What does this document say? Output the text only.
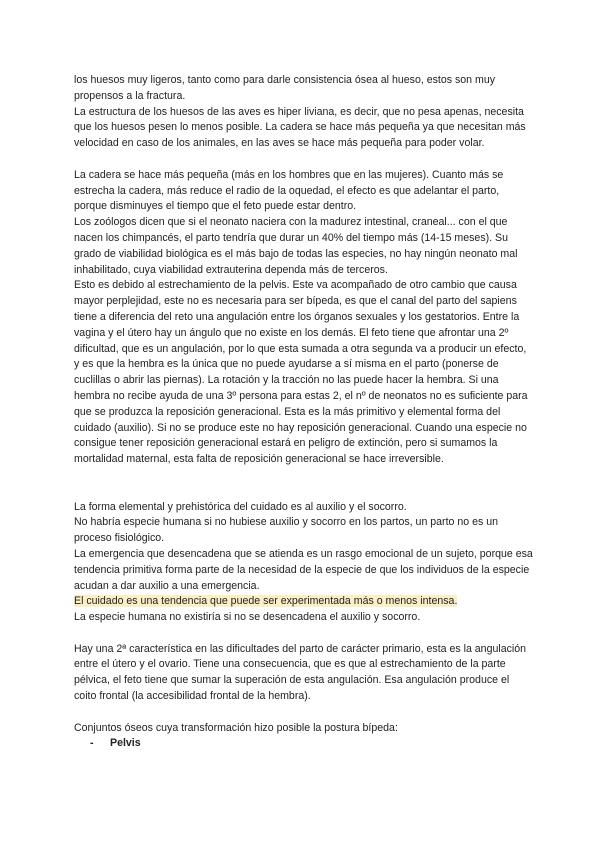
los huesos muy ligeros, tanto como para darle consistencia ósea al hueso, estos son muy propensos a la fractura.

La estructura de los huesos de las aves es hiper liviana, es decir, que no pesa apenas, necesita que los huesos pesen lo menos posible. La cadera se hace más pequeña ya que necesitan más velocidad en caso de los animales, en las aves se hace más pequeña para poder volar.

La cadera se hace más pequeña (más en los hombres que en las mujeres). Cuanto más se estrecha la cadera, más reduce el radio de la oquedad, el efecto es que adelantar el parto, porque disminuyes el tiempo que el feto puede estar dentro.

Los zoólogos dicen que si el neonato naciera con la madurez intestinal, craneal... con el que nacen los chimpancés, el parto tendría que durar un 40% del tiempo más (14-15 meses). Su grado de viabilidad biológica es el más bajo de todas las especies, no hay ningún neonato mal inhabilitado, cuya viabilidad extrauterina dependa más de terceros.

Esto es debido al estrechamiento de la pelvis. Este va acompañado de otro cambio que causa mayor perplejidad, este no es necesaria para ser bípeda, es que el canal del parto del sapiens tiene a diferencia del reto una angulación entre los órganos sexuales y los gestatorios. Entre la vagina y el útero hay un ángulo que no existe en los demás. El feto tiene que afrontar una 2º dificultad, que es un angulación, por lo que esta sumada a otra segunda va a producir un efecto, y es que la hembra es la única que no puede ayudarse a sí misma en el parto (ponerse de cuclillas o abrir las piernas). La rotación y la tracción no las puede hacer la hembra. Si una hembra no recibe ayuda de una 3º persona para estas 2, el nº de neonatos no es suficiente para que se produzca la reposición generacional. Esta es la más primitivo y elemental forma del cuidado (auxilio). Si no se produce este no hay reposición generacional. Cuando una especie no consigue tener reposición generacional estará en peligro de extinción, pero si sumamos la mortalidad maternal, esta falta de reposición generacional se hace irreversible.

La forma elemental y prehistórica del cuidado es al auxilio y el socorro.

No habría especie humana si no hubiese auxilio y socorro en los partos, un parto no es un proceso fisiológico.

La emergencia que desencadena que se atienda es un rasgo emocional de un sujeto, porque esa tendencia primitiva forma parte de la necesidad de la especie de que los individuos de la especie acudan a dar auxilio a una emergencia.

El cuidado es una tendencia que puede ser experimentada más o menos intensa.

La especie humana no existiría si no se desencadena el auxilio y socorro.

Hay una 2ª característica en las dificultades del parto de carácter primario, esta es la angulación entre el útero y el ovario. Tiene una consecuencia, que es que al estrechamiento de la parte pélvica, el feto tiene que sumar la superación de esta angulación. Esa angulación produce el coito frontal (la accesibilidad frontal de la hembra).

Conjuntos óseos cuya transformación hizo posible la postura bípeda:

- Pelvis
